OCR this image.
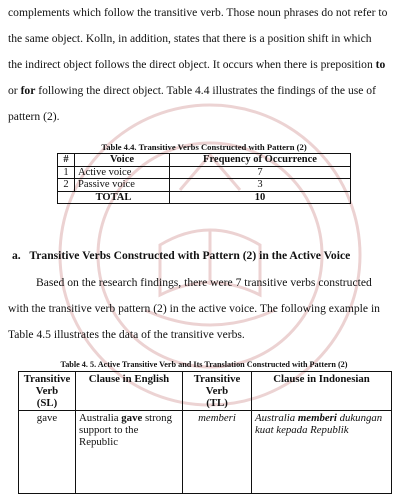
complements which follow the transitive verb. Those noun phrases do not refer to
the same object. Kolln, in addition, states that there is a position shift in which
the indirect object follows the direct object. It occurs when there is preposition to
or for following the direct object. Table 4.4 illustrates the findings of the use of
pattern (2).
Table 4.4. Transitive Verbs Constructed with Pattern (2)
#	Voice	Frequency of Occurrence
1	Active voice	7
2	Passive voice	3
TOTAL		10
a. Transitive Verbs Constructed with Pattern (2) in the Active Voice
Based on the research findings, there were 7 transitive verbs constructed
with the transitive verb pattern (2) in the active voice. The following example in
Table 4.5 illustrates the data of the transitive verbs.
Table 4. 5. Active Transitive Verb and Its Translation Constructed with Pattern (2)
Transitive
Verb
(SL)	Clause in English	Transitive
Verb
(TL)	Clause in Indonesian
gave	Australia gave strong support to the Republic	memberi	Australia memberi dukungan kuat kepada Republik
